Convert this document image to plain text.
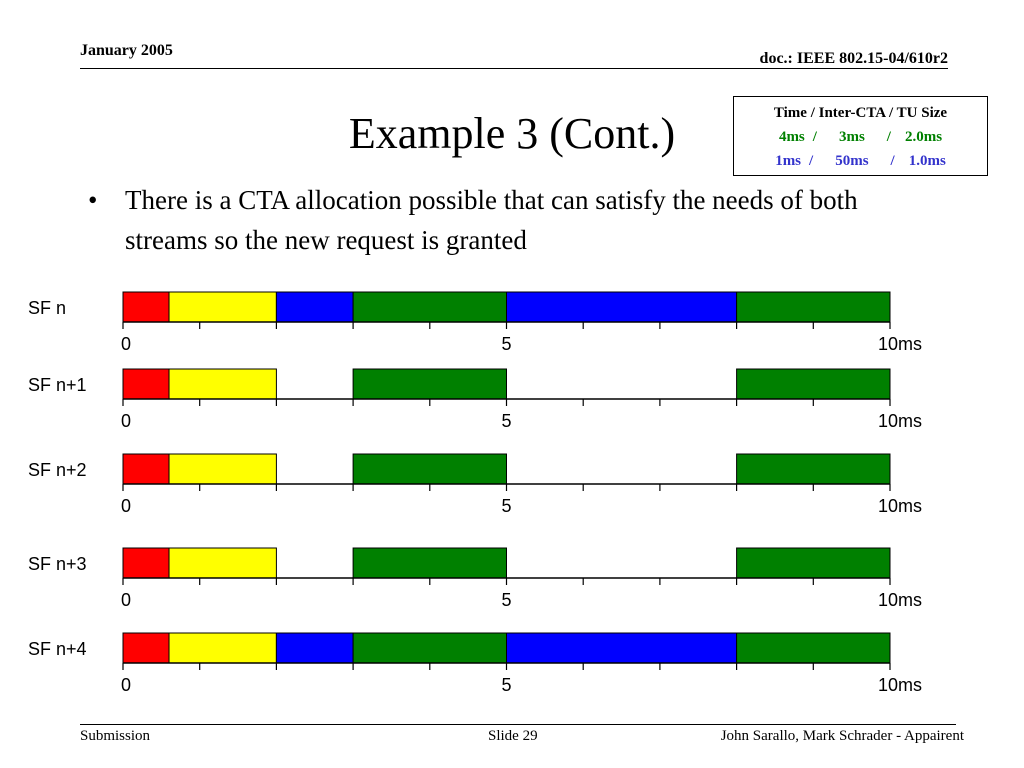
January 2005	doc.: IEEE 802.15-04/610r2
Example 3 (Cont.)	Time / Inter-CTA / TU Size
4ms /	3ms	/ 2.0ms
1ms /	50ms	/ 1.0ms
• There is a CTA allocation possible that can satisfy the needs of both streams so the new request is granted
SF n
0	5	10ms
SF n+1
0	5	10ms
SF n+2
0	5	10ms
SF n+3
0	5	10ms
SF n+4
0	5	10ms
Submission	Slide 29	John Sarallo, Mark Schrader - Appairent
